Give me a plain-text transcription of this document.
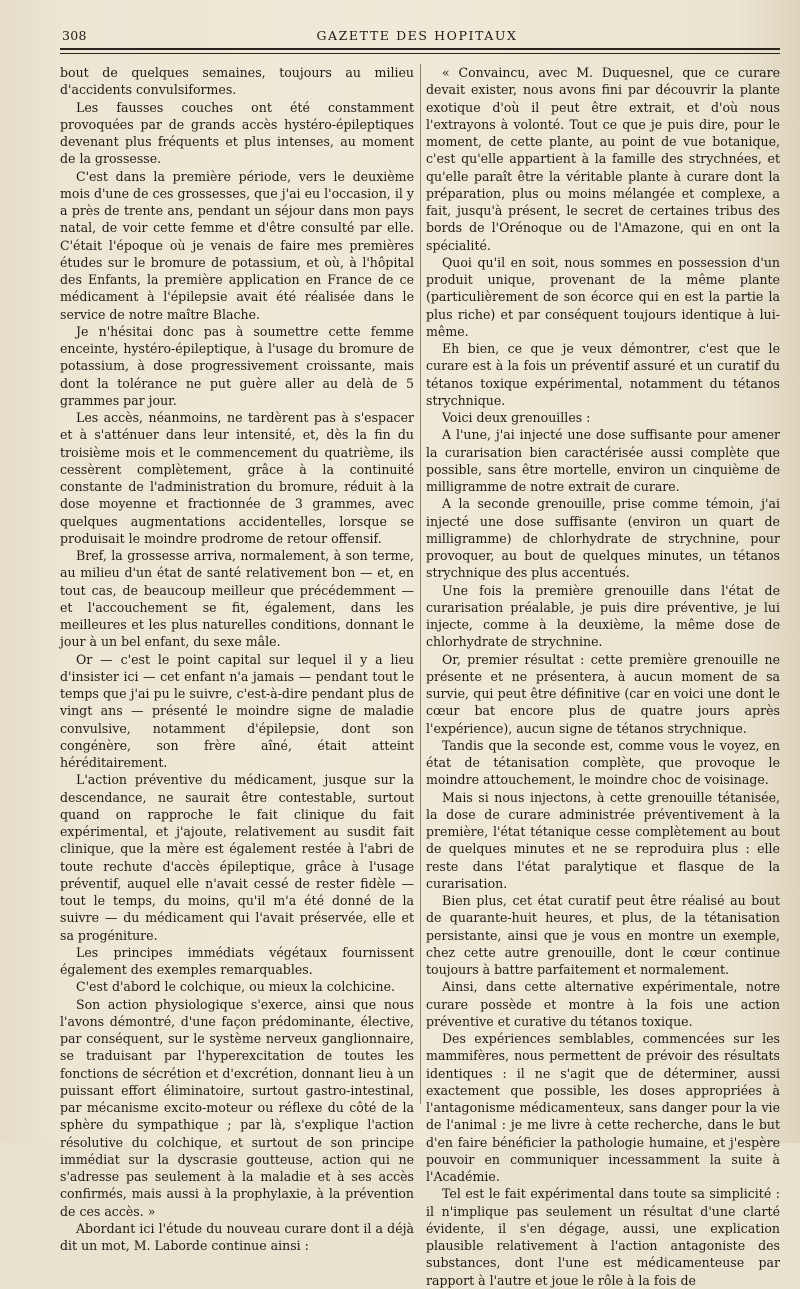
308	GAZETTE DES HOPITAUX

bout de quelques semaines, toujours au milieu d'accidents convulsiformes.

Les fausses couches ont été constamment provoquées par de grands accès hystéro-épileptiques devenant plus fréquents et plus intenses, au moment de la grossesse.

C'est dans la première période, vers le deuxième mois d'une de ces grossesses, que j'ai eu l'occasion, il y a près de trente ans, pendant un séjour dans mon pays natal, de voir cette femme et d'être consulté par elle. C'était l'époque où je venais de faire mes premières études sur le bromure de potassium, et où, à l'hôpital des Enfants, la première application en France de ce médicament à l'épilepsie avait été réalisée dans le service de notre maître Blache.

Je n'hésitai donc pas à soumettre cette femme enceinte, hystéro-épileptique, à l'usage du bromure de potassium, à dose progressivement croissante, mais dont la tolérance ne put guère aller au delà de 5 grammes par jour.

Les accès, néanmoins, ne tardèrent pas à s'espacer et à s'atténuer dans leur intensité, et, dès la fin du troisième mois et le commencement du quatrième, ils cessèrent complètement, grâce à la continuité constante de l'administration du bromure, réduit à la dose moyenne et fractionnée de 3 grammes, avec quelques augmentations accidentelles, lorsque se produisait le moindre prodrome de retour offensif.

Bref, la grossesse arriva, normalement, à son terme, au milieu d'un état de santé relativement bon — et, en tout cas, de beaucoup meilleur que précédemment — et l'accouchement se fit, également, dans les meilleures et les plus naturelles conditions, donnant le jour à un bel enfant, du sexe mâle.

Or — c'est le point capital sur lequel il y a lieu d'insister ici — cet enfant n'a jamais — pendant tout le temps que j'ai pu le suivre, c'est-à-dire pendant plus de vingt ans — présenté le moindre signe de maladie convulsive, notamment d'épilepsie, dont son congénère, son frère aîné, était atteint héréditairement.

L'action préventive du médicament, jusque sur la descendance, ne saurait être contestable, surtout quand on rapproche le fait clinique du fait expérimental, et j'ajoute, relativement au susdit fait clinique, que la mère est également restée à l'abri de toute rechute d'accès épileptique, grâce à l'usage préventif, auquel elle n'avait cessé de rester fidèle — tout le temps, du moins, qu'il m'a été donné de la suivre — du médicament qui l'avait préservée, elle et sa progéniture.

Les principes immédiats végétaux fournissent également des exemples remarquables.

C'est d'abord le colchique, ou mieux la colchicine.

Son action physiologique s'exerce, ainsi que nous l'avons démontré, d'une façon prédominante, élective, par conséquent, sur le système nerveux ganglionnaire, se traduisant par l'hyperexcitation de toutes les fonctions de sécrétion et d'excrétion, donnant lieu à un puissant effort éliminatoire, surtout gastro-intestinal, par mécanisme excito-moteur ou réflexe du côté de la sphère du sympathique ; par là, s'explique l'action résolutive du colchique, et surtout de son principe immédiat sur la dyscrasie goutteuse, action qui ne s'adresse pas seulement à la maladie et à ses accès confirmés, mais aussi à la prophylaxie, à la prévention de ces accès. »

Abordant ici l'étude du nouveau curare dont il a déjà dit un mot, M. Laborde continue ainsi :

« Convaincu, avec M. Duquesnel, que ce curare devait exister, nous avons fini par découvrir la plante exotique d'où il peut être extrait, et d'où nous l'extrayons à volonté. Tout ce que je puis dire, pour le moment, de cette plante, au point de vue botanique, c'est qu'elle appartient à la famille des strychnées, et qu'elle paraît être la véritable plante à curare dont la préparation, plus ou moins mélangée et complexe, a fait, jusqu'à présent, le secret de certaines tribus des bords de l'Orénoque ou de l'Amazone, qui en ont la spécialité.

Quoi qu'il en soit, nous sommes en possession d'un produit unique, provenant de la même plante (particulièrement de son écorce qui en est la partie la plus riche) et par conséquent toujours identique à lui-même.

Eh bien, ce que je veux démontrer, c'est que le curare est à la fois un préventif assuré et un curatif du tétanos toxique expérimental, notamment du tétanos strychnique.

Voici deux grenouilles :

A l'une, j'ai injecté une dose suffisante pour amener la curarisation bien caractérisée aussi complète que possible, sans être mortelle, environ un cinquième de milligramme de notre extrait de curare.

A la seconde grenouille, prise comme témoin, j'ai injecté une dose suffisante (environ un quart de milligramme) de chlorhydrate de strychnine, pour provoquer, au bout de quelques minutes, un tétanos strychnique des plus accentués.

Une fois la première grenouille dans l'état de curarisation préalable, je puis dire préventive, je lui injecte, comme à la deuxième, la même dose de chlorhydrate de strychnine.

Or, premier résultat : cette première grenouille ne présente et ne présentera, à aucun moment de sa survie, qui peut être définitive (car en voici une dont le cœur bat encore plus de quatre jours après l'expérience), aucun signe de tétanos strychnique.

Tandis que la seconde est, comme vous le voyez, en état de tétanisation complète, que provoque le moindre attouchement, le moindre choc de voisinage.

Mais si nous injectons, à cette grenouille tétanisée, la dose de curare administrée préventivement à la première, l'état tétanique cesse complètement au bout de quelques minutes et ne se reproduira plus : elle reste dans l'état paralytique et flasque de la curarisation.

Bien plus, cet état curatif peut être réalisé au bout de quarante-huit heures, et plus, de la tétanisation persistante, ainsi que je vous en montre un exemple, chez cette autre grenouille, dont le cœur continue toujours à battre parfaitement et normalement.

Ainsi, dans cette alternative expérimentale, notre curare possède et montre à la fois une action préventive et curative du tétanos toxique.

Des expériences semblables, commencées sur les mammifères, nous permettent de prévoir des résultats identiques : il ne s'agit que de déterminer, aussi exactement que possible, les doses appropriées à l'antagonisme médicamenteux, sans danger pour la vie de l'animal : je me livre à cette recherche, dans le but d'en faire bénéficier la pathologie humaine, et j'espère pouvoir en communiquer incessamment la suite à l'Académie.

Tel est le fait expérimental dans toute sa simplicité : il n'implique pas seulement un résultat d'une clarté évidente, il s'en dégage, aussi, une explication plausible relativement à l'action antagoniste des substances, dont l'une est médicamenteuse par rapport à l'autre et joue le rôle à la fois de
